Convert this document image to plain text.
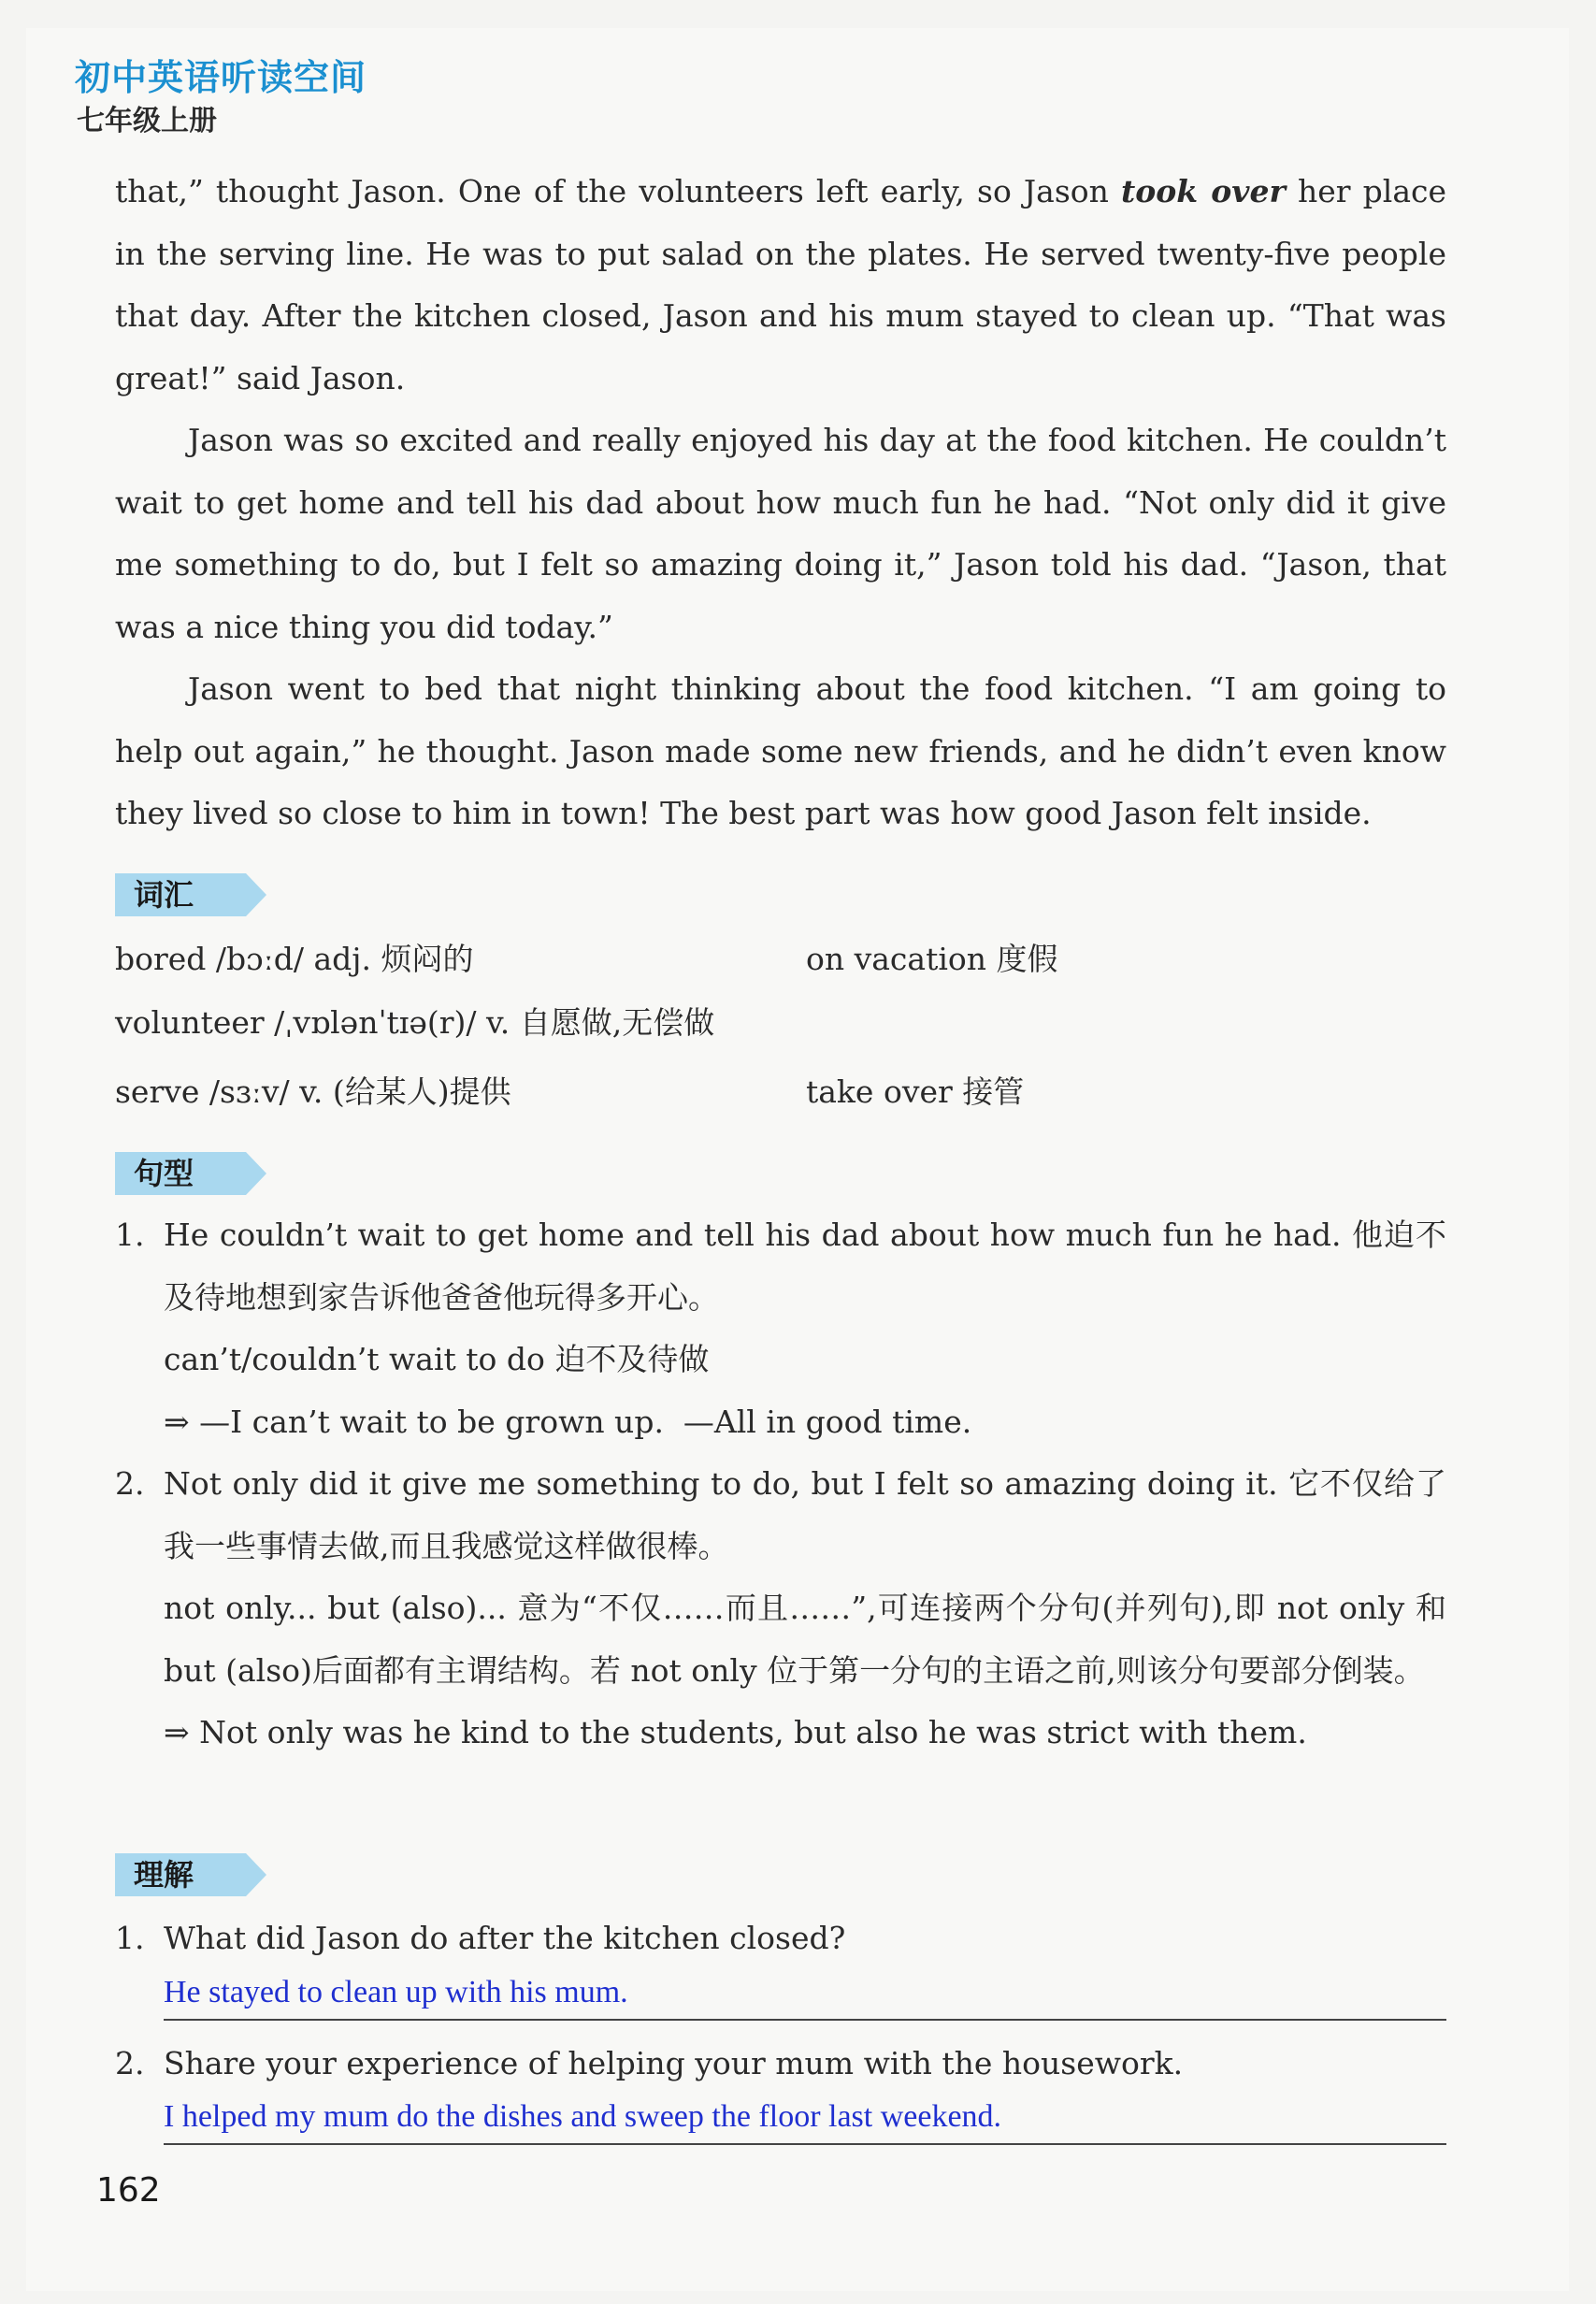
初中英语听读空间
七年级上册

that,” thought Jason. One of the volunteers left early, so Jason took over her place in the serving line. He was to put salad on the plates. He served twenty-five people that day. After the kitchen closed, Jason and his mum stayed to clean up. “That was great!” said Jason.

Jason was so excited and really enjoyed his day at the food kitchen. He couldn’t wait to get home and tell his dad about how much fun he had. “Not only did it give me something to do, but I felt so amazing doing it,” Jason told his dad. “Jason, that was a nice thing you did today.”

Jason went to bed that night thinking about the food kitchen. “I am going to help out again,” he thought. Jason made some new friends, and he didn’t even know they lived so close to him in town! The best part was how good Jason felt inside.

词汇
bored /bɔːd/ adj. 烦闷的	on vacation 度假
volunteer /ˌvɒlənˈtɪə(r)/ v. 自愿做,无偿做
serve /sɜːv/ v. (给某人)提供	take over 接管
句型
1. He couldn’t wait to get home and tell his dad about how much fun he had. 他迫不及待地想到家告诉他爸爸他玩得多开心。
can’t/couldn’t wait to do 迫不及待做
⇒ —I can’t wait to be grown up.  —All in good time.
2. Not only did it give me something to do, but I felt so amazing doing it. 它不仅给了我一些事情去做,而且我感觉这样做很棒。
not only... but (also)... 意为“不仅……而且……”,可连接两个分句(并列句),即 not only 和 but (also)后面都有主谓结构。若 not only 位于第一分句的主语之前,则该分句要部分倒装。
⇒ Not only was he kind to the students, but also he was strict with them.
理解
1. What did Jason do after the kitchen closed?
He stayed to clean up with his mum.
2. Share your experience of helping your mum with the housework.
I helped my mum do the dishes and sweep the floor last weekend.
162
